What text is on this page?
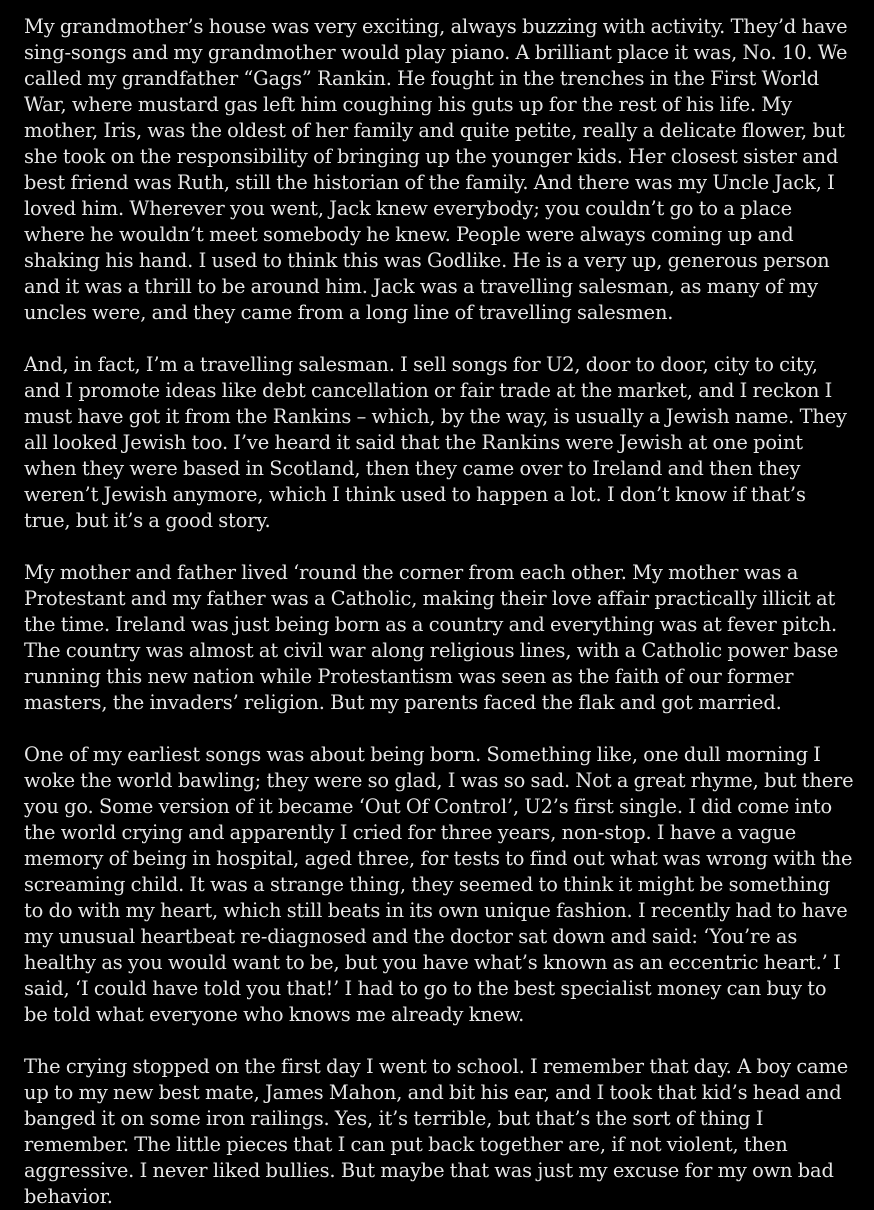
My grandmother’s house was very exciting, always buzzing with activity. They’d have sing-songs and my grandmother would play piano. A brilliant place it was, No. 10. We called my grandfather “Gags” Rankin. He fought in the trenches in the First World War, where mustard gas left him coughing his guts up for the rest of his life. My mother, Iris, was the oldest of her family and quite petite, really a delicate flower, but she took on the responsibility of bringing up the younger kids. Her closest sister and best friend was Ruth, still the historian of the family. And there was my Uncle Jack, I loved him. Wherever you went, Jack knew everybody; you couldn’t go to a place where he wouldn’t meet somebody he knew. People were always coming up and shaking his hand. I used to think this was Godlike. He is a very up, generous person and it was a thrill to be around him. Jack was a travelling salesman, as many of my uncles were, and they came from a long line of travelling salesmen.

And, in fact, I’m a travelling salesman. I sell songs for U2, door to door, city to city, and I promote ideas like debt cancellation or fair trade at the market, and I reckon I must have got it from the Rankins – which, by the way, is usually a Jewish name. They all looked Jewish too. I’ve heard it said that the Rankins were Jewish at one point when they were based in Scotland, then they came over to Ireland and then they weren’t Jewish anymore, which I think used to happen a lot. I don’t know if that’s true, but it’s a good story.

My mother and father lived ‘round the corner from each other. My mother was a Protestant and my father was a Catholic, making their love affair practically illicit at the time. Ireland was just being born as a country and everything was at fever pitch. The country was almost at civil war along religious lines, with a Catholic power base running this new nation while Protestantism was seen as the faith of our former masters, the invaders’ religion. But my parents faced the flak and got married.

One of my earliest songs was about being born. Something like, one dull morning I woke the world bawling; they were so glad, I was so sad. Not a great rhyme, but there you go. Some version of it became ‘Out Of Control’, U2’s first single. I did come into the world crying and apparently I cried for three years, non-stop. I have a vague memory of being in hospital, aged three, for tests to find out what was wrong with the screaming child. It was a strange thing, they seemed to think it might be something to do with my heart, which still beats in its own unique fashion. I recently had to have my unusual heartbeat re-diagnosed and the doctor sat down and said: ‘You’re as healthy as you would want to be, but you have what’s known as an eccentric heart.’ I said, ‘I could have told you that!’ I had to go to the best specialist money can buy to be told what everyone who knows me already knew.

The crying stopped on the first day I went to school. I remember that day. A boy came up to my new best mate, James Mahon, and bit his ear, and I took that kid’s head and banged it on some iron railings. Yes, it’s terrible, but that’s the sort of thing I remember. The little pieces that I can put back together are, if not violent, then aggressive. I never liked bullies. But maybe that was just my excuse for my own bad behavior.
